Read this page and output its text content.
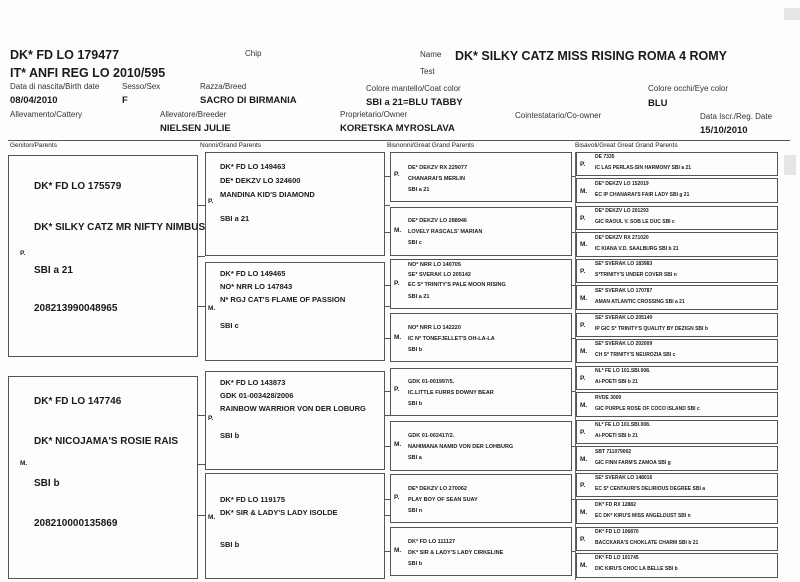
DK* FD LO 179477
IT* ANFI REG LO 2010/595
Chip	Name DK* SILKY CATZ MISS RISING ROMA 4 ROMY
Test
Data di nascita/Birth date
08/04/2010
Sesso/Sex
F
Razza/Breed
SACRO DI BIRMANIA
Colore mantello/Coat color
SBI a 21=BLU TABBY
Colore occhi/Eye color
BLU
Allevamento/Cattery	Allevatore/Breeder
NIELSEN JULIE
Proprietario/Owner
KORETSKA MYROSLAVA
Cointestatario/Co-owner	Data Iscr./Reg. Date
15/10/2010
Genitori/Parents	Nonni/Grand Parents	Bisnonni/Great Grand Parents	Bisavoli/Great Great Grand Parents
DK* FD LO 175579
DK* SILKY CATZ MR NIFTY NIMBUS
P.
SBI a 21
208213990048965
DK* FD LO 147746
DK* NICOJAMA'S ROSIE RAIS
M.
SBI b
208210000135869
DK* FD LO 149463
DE* DEKZV LO 324600
MANDINA KID'S DIAMOND
P.
SBI a 21
DK* FD LO 149465
NO* NRR LO 147843
N* RGJ CAT'S FLAME OF PASSION
M.
SBI c
DK* FD LO 143873
GDK 01-003428/2006
RAINBOW WARRIOR VON DER LOBURG
P.
SBI b
DK* FD LO 119175
DK* SIR & LADY'S LADY ISOLDE
M.
SBI b
P.
DE* DEKZV RX 229077
CHANARAI'S MERLIN
SBI a 21
M.
DE* DEKZV LO 288946
LOVELY RASCALS' MARIAN
SBI c
P.
NO* NRR LO 140705
SE* SVERAK LO 205142
EC S* TRINITY'S PALE MOON RISING
SBI a 21
M.
NO* NRR LO 142220
IC N* TONEFJELLET'S OH-LA-LA
SBI b
P.
GDK 01-001997/5.
IC.LITTLE FURRS DOWNY BEAR
SBI b
M.
GDK 01-002417/2.
NAHIMANA NAMID VON DER LOHBURG
SBI a
P.
DE* DEKZV LO 270062
PLAY BOY OF SEAN SUAY
SBI n
M.
DK* FD LO 111127
DK* SIR & LADY'S LADY CIRKELINE
SBI b
P.
DE 7335
IC LAS PERLAS-SIN HARMONY SBI a 21
M.
DE* DEKZV LO 152019
EC IP CHANARAI'S FAIR LADY SBI g 21
P.
DE* DEKZV LO 201293
GIC RAOUL V. SOB LE DUC SBI c
M.
DE* DEKZV RX 271020
IC KIANA V.D. SAALBURG SBI b 21
P.
SE* SVERAK LO 183983
S*TRINITY'S UNDER COVER SBI n
M.
SE* SVERAK LO 170787
AMAN ATLANTIC CROSSING SBI a 21
P.
SE* SVERAK LO 205140
IP GIC S* TRINITY'S QUALITY BY DEZIGN SBI b
M.
SE* SVERAK LO 202009
CH S* TRINITY'S NEUROZIA SBI c
P.
NL* FE LO 101.SBI.008.
Ai-POETI SBI b 21
M.
RVDE 3000
GIC PURPLE ROSE OF COCO ISLAND SBI c
P.
NL* FE LO 101.SBI.008.
Ai-POETI SBI b 21
M.
SBT 711079002
GIC FINN FARM'S ZAMOA SBI g
P.
SE* SVERAK LO 148016
EC S* CENTAURI'S DELIRIOUS DEGREE SBI a
M.
DK* FD RX 12882
EC DK* KIRU'S MISS ANGELDUST SBI n
P.
DK* FD LO 106870
BACCKARA'S CHOKLATE CHARM SBI b 21
M.
DK* FD LO 101745
DIC KIRU'S CHOC LA BELLE SBI b
